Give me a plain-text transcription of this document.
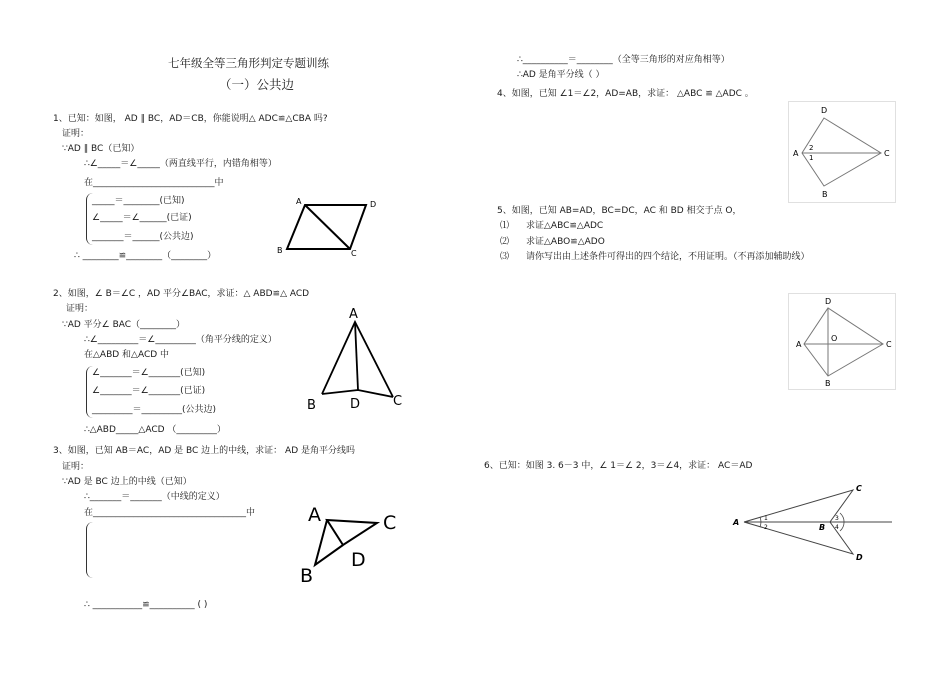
七年级全等三角形判定专题训练
（一）公共边
1、已知：如图， AD ∥ BC，AD＝CB，你能说明△ ADC≌△CBA 吗?
证明：
∵AD ∥ BC（已知）
∴∠_____＝∠_____（两直线平行，内错角相等）
在___________________________中
_____＝________(已知)
∠_____＝∠______(已证)
_______＝______(公共边)
∴ ________≌________（________）
A	D
B	C
2、如图，∠ B＝∠C ，AD 平分∠BAC，求证：△ ABD≌△ ACD
证明：
∵AD 平分∠ BAC（________）
∴∠_________＝∠_________（角平分线的定义）
在△ABD 和△ACD 中
∠_______＝∠_______(已知)
∠_______＝∠_______(已证)
_________＝_________(公共边)
∴△ABD_____△ACD （_________）
A
B	D	C
3、如图，已知 AB＝AC，AD 是 BC 边上的中线，求证： AD 是角平分线吗
证明：
∵AD 是 BC 边上的中线（已知）
∴_______＝_______（中线的定义）
在__________________________________中
∴ ___________≌__________ ( )
A	C
D
B
∴__________＝________（全等三角形的对应角相等）
∴AD 是角平分线（ ）
4、如图，已知 ∠1＝∠2，AD=AB，求证： △ABC ≌ △ADC 。
D
A	C
B
2
1
5、如图，已知 AB=AD，BC=DC，AC 和 BD 相交于点 O，
⑴ 求证△ABC≌△ADC
⑵ 求证△ABO≌△ADO
⑶ 请你写出由上述条件可得出的四个结论，不用证明。（不再添加辅助线）
D
A	C
B
O
6、已知：如图 3. 6－3 中，∠ 1＝∠ 2，3＝∠4，求证： AC＝AD
A
C
B
D
1
2
3
4
